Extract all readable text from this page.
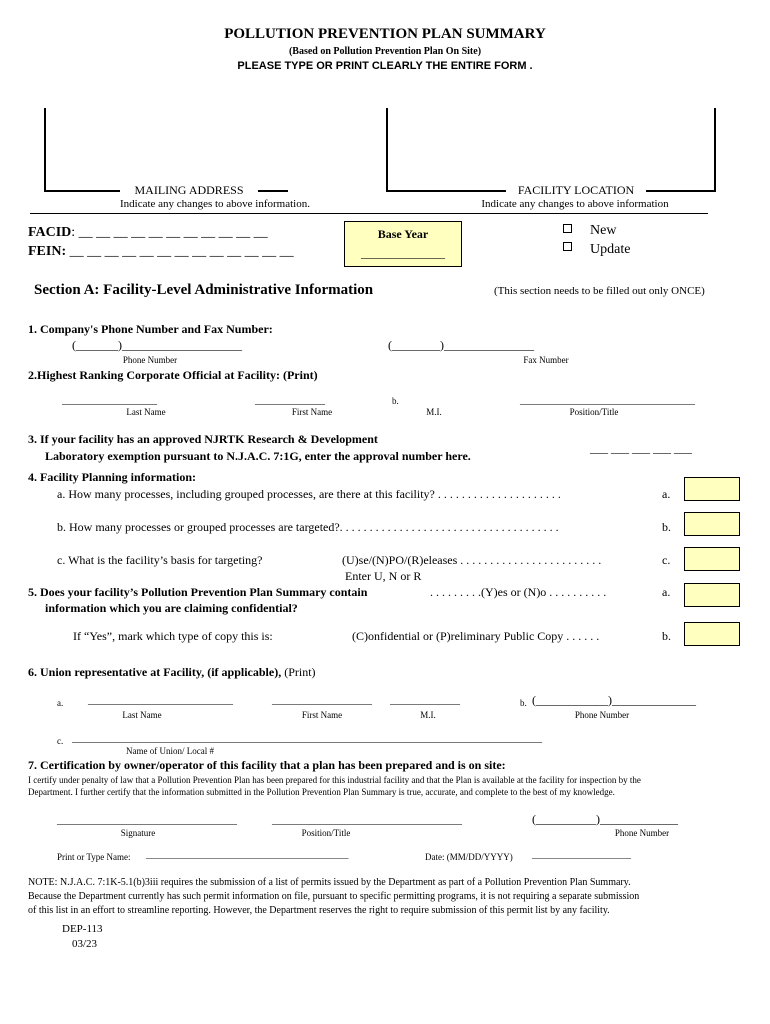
POLLUTION PREVENTION PLAN SUMMARY
(Based on Pollution Prevention Plan On Site)
PLEASE TYPE OR PRINT CLEARLY THE ENTIRE FORM .
MAILING ADDRESS
Indicate any changes to above information.
FACILITY LOCATION
Indicate any changes to above information
FACID: __ __ __ __ __ __ __ __ __ __ __
FEIN: __ __ __ __ __ __ __ __ __ __ __ __ __
Base Year
______________
New
Update
Section A: Facility-Level Administrative Information	(This section needs to be filled out only ONCE)
1. Company's Phone Number and Fax Number:
(_______)____________________
Phone Number
(________)_______________
Fax Number
2.Highest Ranking Corporate Official at Facility: (Print)
___________________
Last Name
______________
First Name
b.
M.I.
___________________________________
Position/Title
3. If your facility has an approved NJRTK Research & Development
Laboratory exemption pursuant to N.J.A.C. 7:1G, enter the approval number here.
___ ___ ___ ___ ___
4. Facility Planning information:
a. How many processes, including grouped processes, are there at this facility? . . . . . . . . . . . . . . . . . . . . .	a.
b. How many processes or grouped processes are targeted?. . . . . . . . . . . . . . . . . . . . . . . . . . . . . . . . . . . . .	b.
c. What is the facility’s basis for targeting?	(U)se/(N)PO/(R)eleases . . . . . . . . . . . . . . . . . . . . . . . .
Enter U, N or R
c.
5. Does your facility’s Pollution Prevention Plan Summary contain	. . . . . . . . .(Y)es or (N)o . . . . . . . . . .	a.
information which you are claiming confidential?
If “Yes”, mark which type of copy this is:	(C)onfidential or (P)reliminary Public Copy . . . . . .	b.
6. Union representative at Facility, (if applicable), (Print)
a. _____________________________
Last Name
____________________
First Name
______________
M.I.
b. (____________)______________
Phone Number
c. ______________________________________________________________________________________________
Name of Union/ Local #
7. Certification by owner/operator of this facility that a plan has been prepared and is on site:
I certify under penalty of law that a Pollution Prevention Plan has been prepared for this industrial facility and that the Plan is available at the facility for inspection by the
Department. I further certify that the information submitted in the Pollution Prevention Plan Summary is true, accurate, and complete to the best of my knowledge.
____________________________________
Signature
______________________________________
Position/Title
(__________)_____________
Phone Number
Print or Type Name: _____________________________________________	Date: (MM/DD/YYYY) ______________________
NOTE: N.J.A.C. 7:1K-5.1(b)3iii requires the submission of a list of permits issued by the Department as part of a Pollution Prevention Plan Summary.
Because the Department currently has such permit information on file, pursuant to specific permitting programs, it is not requiring a separate submission
of this list in an effort to streamline reporting. However, the Department reserves the right to require submission of this permit list by any facility.
DEP-113
03/23
